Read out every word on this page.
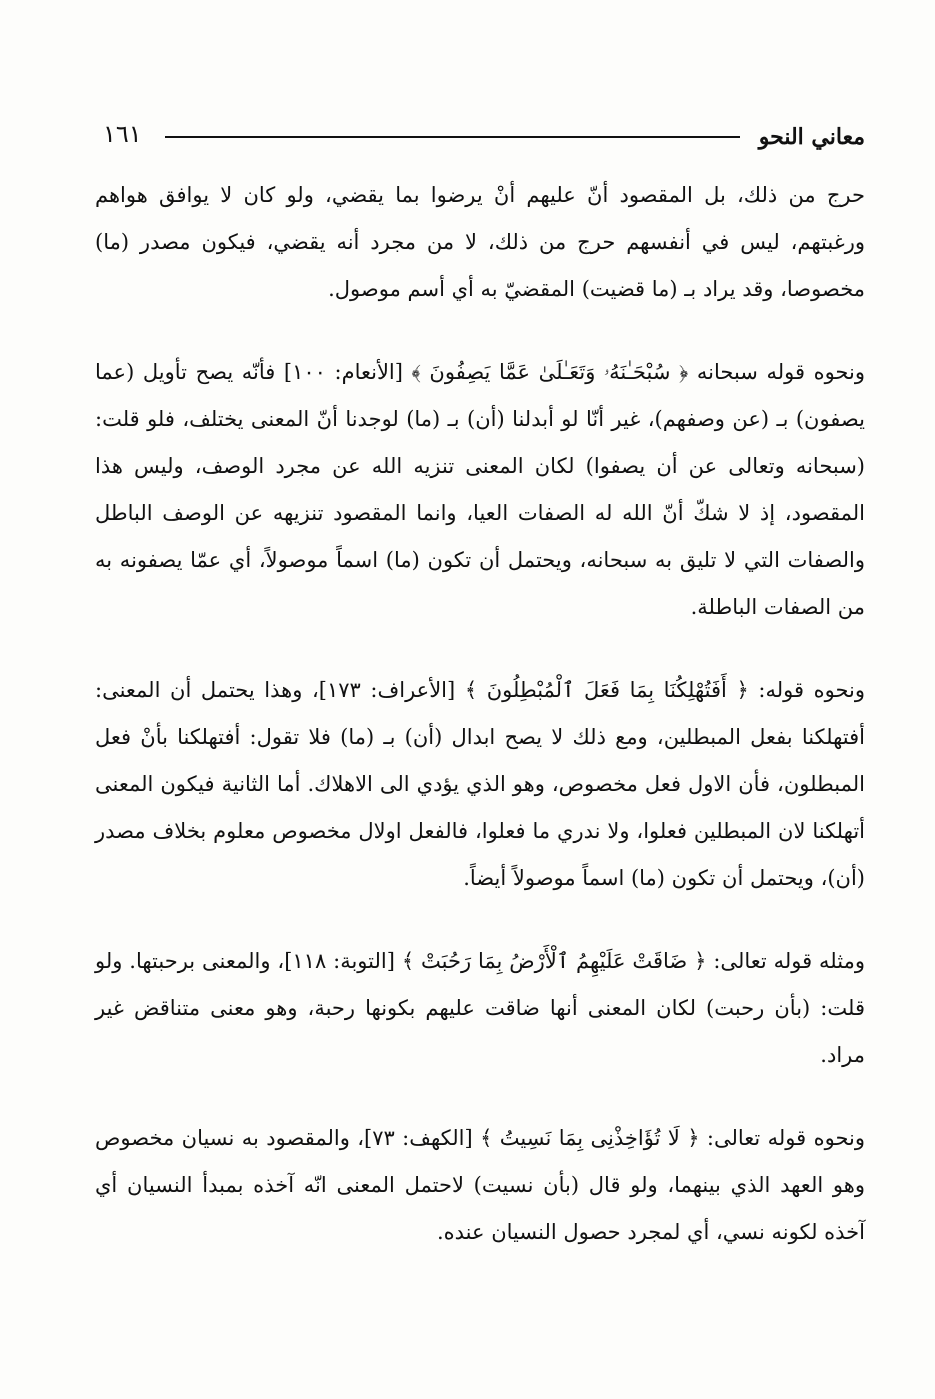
معاني النحو
١٦١

حرج من ذلك، بل المقصود أنّ عليهم أنْ يرضوا بما يقضي، ولو كان لا يوافق هواهم ورغبتهم، ليس في أنفسهم حرج من ذلك، لا من مجرد أنه يقضي، فيكون مصدر (ما) مخصوصا، وقد يراد بـ (ما قضيت) المقضيّ به أي أسم موصول.

ونحوه قوله سبحانه ﴿ سُبْحَـٰنَهُۥ وَتَعَـٰلَىٰ عَمَّا يَصِفُونَ ﴾ [الأنعام: ١٠٠] فأنّه يصح تأويل (عما يصفون) بـ (عن وصفهم)، غير أنّا لو أبدلنا (أن) بـ (ما) لوجدنا أنّ المعنى يختلف، فلو قلت: (سبحانه وتعالى عن أن يصفوا) لكان المعنى تنزيه الله عن مجرد الوصف، وليس هذا المقصود، إذ لا شكّ أنّ الله له الصفات العيا، وانما المقصود تنزيهه عن الوصف الباطل والصفات التي لا تليق به سبحانه، ويحتمل أن تكون (ما) اسماً موصولاً، أي عمّا يصفونه به من الصفات الباطلة.

ونحوه قوله: ﴿ أَفَتُهْلِكُنَا بِمَا فَعَلَ ٱلْمُبْطِلُونَ ﴾ [الأعراف: ١٧٣]، وهذا يحتمل أن المعنى: أفتهلكنا بفعل المبطلين، ومع ذلك لا يصح ابدال (أن) بـ (ما) فلا تقول: أفتهلكنا بأنْ فعل المبطلون، فأن الاول فعل مخصوص، وهو الذي يؤدي الى الاهلاك. أما الثانية فيكون المعنى أتهلكنا لان المبطلين فعلوا، ولا ندري ما فعلوا، فالفعل اولال مخصوص معلوم بخلاف مصدر (أن)، ويحتمل أن تكون (ما) اسماً موصولاً أيضاً.

ومثله قوله تعالى: ﴿ ضَاقَتْ عَلَيْهِمُ ٱلْأَرْضُ بِمَا رَحُبَتْ ﴾ [التوبة: ١١٨]، والمعنى برحبتها. ولو قلت: (بأن رحبت) لكان المعنى أنها ضاقت عليهم بكونها رحبة، وهو معنى متناقض غير مراد.

ونحوه قوله تعالى: ﴿ لَا تُؤَاخِذْنِى بِمَا نَسِيتُ ﴾ [الكهف: ٧٣]، والمقصود به نسيان مخصوص وهو العهد الذي بينهما، ولو قال (بأن نسيت) لاحتمل المعنى انّه آخذه بمبدأ النسيان أي آخذه لكونه نسي، أي لمجرد حصول النسيان عنده.
